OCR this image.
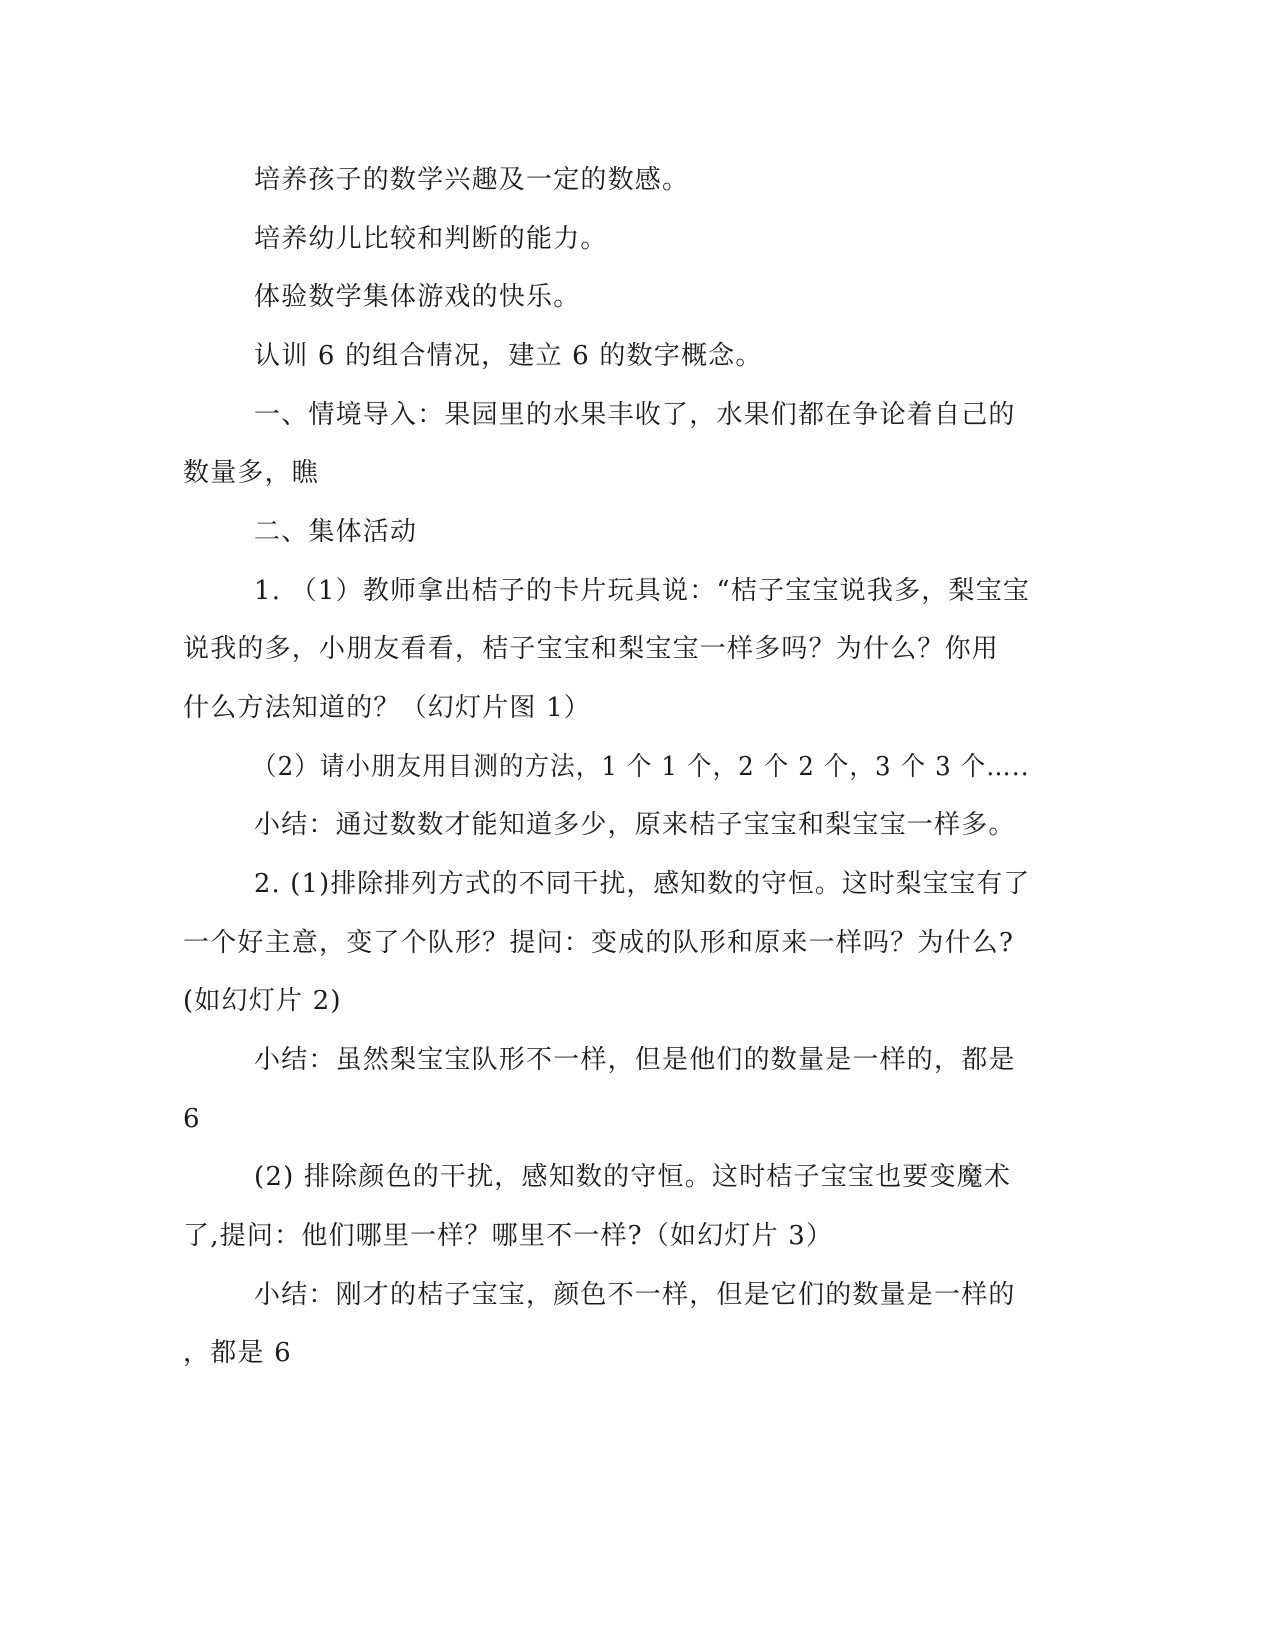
培养孩子的数学兴趣及一定的数感。
培养幼儿比较和判断的能力。
体验数学集体游戏的快乐。
认训 6 的组合情况，建立 6 的数字概念。
一、情境导入：果园里的水果丰收了，水果们都在争论着自己的
数量多，瞧
二、集体活动
1. （1）教师拿出桔子的卡片玩具说：“桔子宝宝说我多，梨宝宝
说我的多，小朋友看看，桔子宝宝和梨宝宝一样多吗？为什么？你用
什么方法知道的？（幻灯片图 1）
（2）请小朋友用目测的方法，1 个 1 个，2 个 2 个，3 个 3 个…..
小结：通过数数才能知道多少，原来桔子宝宝和梨宝宝一样多。
2. (1)排除排列方式的不同干扰，感知数的守恒。这时梨宝宝有了
一个好主意，变了个队形？提问：变成的队形和原来一样吗？为什么?
(如幻灯片 2)
小结：虽然梨宝宝队形不一样，但是他们的数量是一样的，都是
6
(2) 排除颜色的干扰，感知数的守恒。这时桔子宝宝也要变魔术
了,提问：他们哪里一样？哪里不一样?（如幻灯片 3）
小结：刚才的桔子宝宝，颜色不一样，但是它们的数量是一样的
，都是 6
